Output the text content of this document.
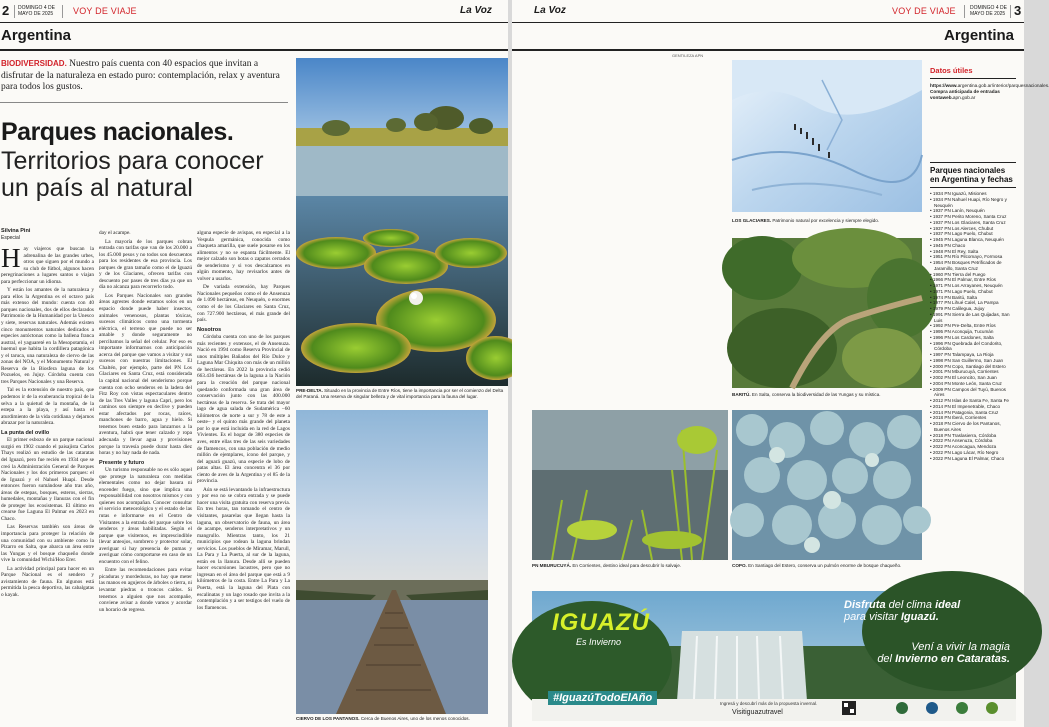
2 DOMINGO 4 DE MAYO DE 2025	VOY DE VIAJE	La Voz
Argentina
BIODIVERSIDAD. Nuestro país cuenta con 40 espacios que invitan a disfrutar de la naturaleza en estado puro: contemplación, relax y aventura para todos los gustos.
Parques nacionales.
Territorios para conocer un país al natural
Silvina Pini
Especial

Hay viajeros que buscan la adrenalina de las grandes urbes, otros que siguen por el mundo a su club de fútbol, algunos hacen peregrinaciones a lugares santos o viajan para perfeccionar un idioma.

Y están los amantes de la naturaleza y para ellos la Argentina es el octavo país más extenso del mundo: cuenta con 40 parques nacionales, dos de ellos declarados Patrimonio de la Humanidad por la Unesco y siete, reservas naturales. Además existen cinco monumentos naturales dedicados a especies autóctonas como la ballena franca austral, el yaguareté en la Mesopotamia, el huemul que habita la cordillera patagónica y el taruca, una naturaleza de ciervo de las zonas del NOA, y el Monumento Natural y Reserva de la Biosfera laguna de los Pozuelos, en Jujuy. Córdoba cuenta con tres Parques Nacionales y una Reserva.

Tal es la extensión de nuestro país, que podemos ir de la exuberancia tropical de la selva a la quietud de la montaña, de la estepa a la playa, y así hasta el aturdimiento de la vida cotidiana y dejarnos abrazar por la naturaleza.

La punta del ovillo

El primer esbozo de un parque nacional surgió en 1902 cuando el paisajista Carlos Thays realizó un estudio de las cataratas del Iguazú, pero fue recién en 1934 que se creó la Administración General de Parques Nacionales y los dos primeros parques: el de Iguazú y el Nahuel Huapi. Desde entonces fueron sumándose año tras año, áreas de estepas, bosques, esteros, sierras, humedales, montañas y llanuras con el fin de proteger los ecosistemas. El último en crearse fue Laguna El Palmar en 2023 en Chaco.

Las Reservas también son áreas de importancia para proteger la relación de una comunidad con su ambiente como la Pizarro en Salta, que abarca un área entre las Yungas y el bosque chaqueño donde vive la comunidad Wichí/Hoo Erer.

La actividad principal para hacer en un Parque Nacional es el sendero y avistamiento de fauna. En algunos está permitida la pesca deportiva, las cabalgatas o kayak.

day el acampe.

La mayoría de los parques cobran entrada con tarifas que van de los 20.000 a los 45.000 pesos y no todos son descuentos para los residentes de esa provincia. Los parques de gran tamaño como el de Iguazú y de los Glaciares, ofrecen tarifas con descuento por pases de tres días ya que un día no alcanza para recorrerlo todo.

Los Parques Nacionales son grandes áreas agrestes donde estamos solos en un espacio donde puede haber insectos, animales venenosos, plantas tóxicas, sucesos climáticos como una tormenta eléctrica, el terreno que puede no ser amable y donde seguramente no percibamos la señal del celular. Por eso es importante informarnos con anticipación acerca del parque que vamos a visitar y sus sucesos con nuestras limitaciones. El Chaltén, por ejemplo, parte del PN Los Glaciares en Santa Cruz, está considerada la capital nacional del senderismo porque cuenta con ocho senderos en la ladera del Fitz Roy con vistas espectaculares dentro de las Tres Valles y laguna Capri, pero los caminos son siempre en declive y pueden estar afectados por rocas, raíces, manchones de barro, agua y hielo. Si tenemos buen estado para lanzarnos a la aventura, habrá que tener calzado y ropa adecuada y llevar agua y provisiones porque la travesía puede durar hasta diez horas y no hay nada de nada.

Presente y futuro

Un turismo responsable no es sólo aquel que protege la naturaleza con medidas elementales como no dejar basura ni encender fuego, sino que implica una responsabilidad con nosotros mismos y con quienes nos acompañan. Conocer consultar el servicio meteorológico y el estado de las rutas e informarse en el Centro de Visitantes a la entrada del parque sobre los senderos y áreas habilitadas. Según el parque que visitemos, es imprescindible llevar anteojos, sombrero y protector solar, averiguar si hay presencia de pumas y averiguar cómo comportarse en caso de un encuentro con el felino.

Entre las recomendaciones para evitar picaduras y mordeduras, no hay que meter las manos en agujeros de árboles o tierra, ni levantar piedras o troncos caídos. Si tenemos a alguien que nos acompañe, conviene avisar a donde vamos y acordar un horario de regreso.

alguna especie de avispas, en especial a la Vespula germánica, conocida como chaqueta amarilla, que suele posarse en los alimentos y no se espanta fácilmente. El mejor calzado son botas o zapatos cerrados de senderismo y si vos descalzamos en algún momento, hay revisarlos antes de volver a usarlos.

De variada extensión, hay Parques Nacionales pequeños como el de Ansenuza de 1.090 hectáreas, en Neuquén, o enormes como el de los Glaciares en Santa Cruz, con 727.900 hectáreas, el más grande del país.

Nosotros

Córdoba cuenta con uno de los parques más recientes y extensos, el de Ansenuza. Nació en 1994 como Reserva Provincial de unos múltiples Bañados del Río Dulce y Laguna Mar Chiquita con más de un millón de hectáreas. En 2022 la provincia cedió 663.436 hectáreas de la laguna a la Nación para la creación del parque nacional quedando conformada una gran área de conservación junto con las 400.000 hectáreas de la reserva. Se trata del mayor lago de agua salada de Sudamérica –60 kilómetros de norte a sur y 78 de este a oeste– y el quinto más grande del planeta por lo que está incluida en la red de Lagos Vivientes. Es el hogar de 380 especies de aves, entre ellas tres de las seis variedades de flamencos, con una población de medio millón de ejemplares, icono del parque, y del aguará guazú, una especie de lobo de patas altas. El área concentra el 36 por ciento de aves de la Argentina y el 85 de la provincia.

Aún se está levantando la infraestructura y por eso no se cobra entrada y se puede hacer una visita gratuita con reserva previa. En tres horas, tan tomando el centro de visitantes, pasarelas que llegan hasta la laguna, un observatorio de fauna, un área de acampe, senderos interpretativos y un mangrullo. Mientras tanto, los 21 municipios que rodean la laguna brindan servicios. Los pueblos de Miramar, Marull, La Para y La Puerta, al sur de la laguna, están en la llanura. Desde allí se pueden hacer excursiones lacustres, pero que no ingresan en el área del parque que está a 9 kilómetros de la costa. Entre La Para y La Puerta, está la laguna del Plata con escalinatas y un lago rosado que invita a la contemplación y a ser testigos del vuelo de los flamencos.

PRE-DELTA. Situado en la provincia de Entre Ríos, tiene la importancia por ser el comienzo del Delta del Paraná. Una reserva de singular belleza y de vital importancia para la fauna del lugar.
CIERVO DE LOS PANTANOS. Cerca de Buenos Aires, uno de los menos conocidos.
La Voz	VOY DE VIAJE	DOMINGO 4 DE MAYO DE 2025 3
Argentina
GENTILEZA APN
LOS GLACIARES. Patrimonio natural por excelencia y siempre elegido.
BARITÚ. En Salta, conserva la biodiversidad de las Yungas y su mística.
PN MBURUCUYÁ. En Corrientes, destino ideal para descubrir lo salvaje.	COPO. En Santiago del Estero, conserva un pulmón enorme de bosque chaqueño.
Datos útiles
https://www.argentina.gob.ar/interior/parquesnacionales.
Compra anticipada de entradas vontaweb.apn.gob.ar
Parques nacionales en Argentina y fechas
• 1934 PN Iguazú, Misiones
• 1934 PN Nahuel Huapi, Río Negro y Neuquén
• 1937 PN Lanín, Neuquén
• 1937 PN Perito Moreno, Santa Cruz
• 1937 PN Los Glaciares, Santa Cruz
• 1937 PN Los Alerces, Chubut
• 1937 PN Lago Puelo, Chubut
• 1945 PN Laguna Blanca, Neuquén
• 1945 PN Chaco
• 1948 PN El Rey, Salta
• 1951 PN Río Pilcomayo, Formosa
• 1954 PN Bosques Petrificados de Jaramillo, Santa Cruz
• 1960 PN Tierra del Fuego
• 1966 PN El Palmar, Entre Ríos
• 1971 PN Los Arrayanes, Neuquén
• 1971 PN Lago Puelo, Chubut
• 1974 PN Baritú, Salta
• 1977 PN Lihué Calel, La Pampa
• 1979 PN Calilegua, Jujuy
• 1991 PN Sierra de Las Quijadas, San Luis
• 1992 PN Pre-Delta, Entre Ríos
• 1995 PN Aconquija, Tucumán
• 1996 PN Los Cardones, Salta
• 1996 PN Quebrada del Condorito, Córdoba
• 1997 PN Talampaya, La Rioja
• 1998 PN San Guillermo, San Juan
• 2000 PN Copo, Santiago del Estero
• 2001 PN Mburucuyá, Corrientes
• 2002 PN El Leoncito, San Juan
• 2004 PN Monte León, Santa Cruz
• 2009 PN Campos del Tuyú, Buenos Aires
• 2012 PN Islas de Santa Fe, Santa Fe
• 2014 PN El Impenetrable, Chaco
• 2014 PN Patagonia, Santa Cruz
• 2018 PN Iberá, Corrientes
• 2018 PN Ciervo de los Pantanos, Buenos Aires
• 2018 PN Traslasierra, Córdoba
• 2022 PN Ansenuza, Córdoba
• 2022 PN Aconcagua, Mendoza
• 2022 PN Lago Lácar, Río Negro
• 2022 PN Laguna El Palmar, Chaco
IGUAZÚ
Es Invierno
#IguazúTodoElAño
Disfruta del clima ideal
para visitar Iguazú.
Vení a vivir la magia
del Invierno en Cataratas.
Ingresá y descubrí más de la propuesta invernal.
Visitiguazutravel
